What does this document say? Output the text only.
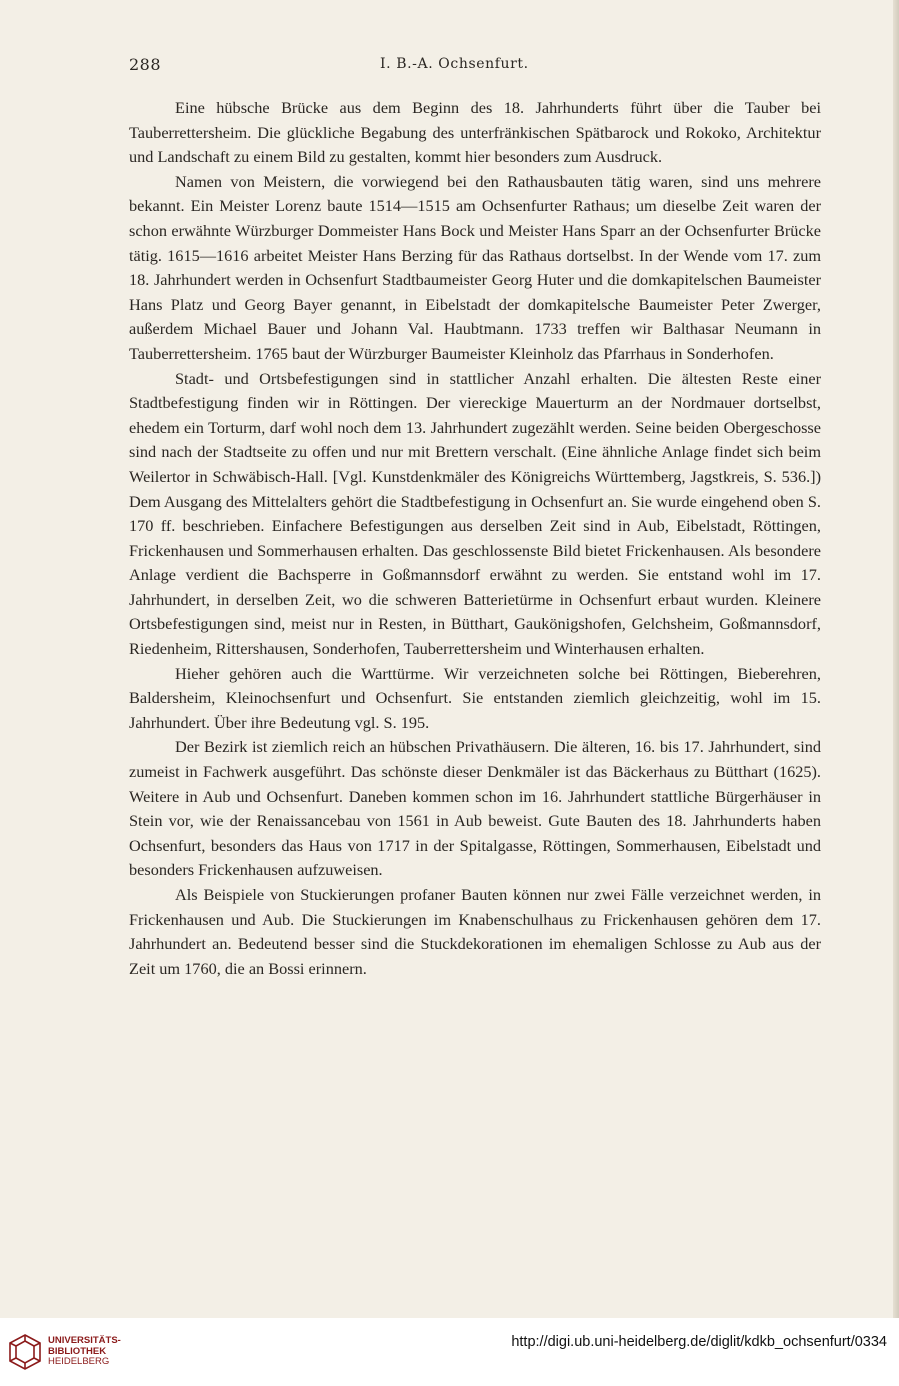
288	I. B.-A. Ochsenfurt.

Eine hübsche Brücke aus dem Beginn des 18. Jahrhunderts führt über die Tauber bei Tauberrettersheim. Die glückliche Begabung des unterfränkischen Spätbarock und Rokoko, Architektur und Landschaft zu einem Bild zu gestalten, kommt hier besonders zum Ausdruck.

Namen von Meistern, die vorwiegend bei den Rathausbauten tätig waren, sind uns mehrere bekannt. Ein Meister Lorenz baute 1514—1515 am Ochsenfurter Rathaus; um dieselbe Zeit waren der schon erwähnte Würzburger Dommeister Hans Bock und Meister Hans Sparr an der Ochsenfurter Brücke tätig. 1615—1616 arbeitet Meister Hans Berzing für das Rathaus dortselbst. In der Wende vom 17. zum 18. Jahrhundert werden in Ochsenfurt Stadtbaumeister Georg Huter und die domkapitelschen Baumeister Hans Platz und Georg Bayer genannt, in Eibelstadt der domkapitelsche Baumeister Peter Zwerger, außerdem Michael Bauer und Johann Val. Haubtmann. 1733 treffen wir Balthasar Neumann in Tauberrettersheim. 1765 baut der Würzburger Baumeister Kleinholz das Pfarrhaus in Sonderhofen.

Stadt- und Ortsbefestigungen sind in stattlicher Anzahl erhalten. Die ältesten Reste einer Stadtbefestigung finden wir in Röttingen. Der viereckige Mauerturm an der Nordmauer dortselbst, ehedem ein Torturm, darf wohl noch dem 13. Jahrhundert zugezählt werden. Seine beiden Obergeschosse sind nach der Stadtseite zu offen und nur mit Brettern verschalt. (Eine ähnliche Anlage findet sich beim Weilertor in Schwäbisch-Hall. [Vgl. Kunstdenkmäler des Königreichs Württemberg, Jagstkreis, S. 536.]) Dem Ausgang des Mittelalters gehört die Stadtbefestigung in Ochsenfurt an. Sie wurde eingehend oben S. 170 ff. beschrieben. Einfachere Befestigungen aus derselben Zeit sind in Aub, Eibelstadt, Röttingen, Frickenhausen und Sommerhausen erhalten. Das geschlossenste Bild bietet Frickenhausen. Als besondere Anlage verdient die Bachsperre in Goßmannsdorf erwähnt zu werden. Sie entstand wohl im 17. Jahrhundert, in derselben Zeit, wo die schweren Batterietürme in Ochsenfurt erbaut wurden. Kleinere Ortsbefestigungen sind, meist nur in Resten, in Bütthart, Gaukönigshofen, Gelchsheim, Goßmannsdorf, Riedenheim, Rittershausen, Sonderhofen, Tauberrettersheim und Winterhausen erhalten.

Hieher gehören auch die Warttürme. Wir verzeichneten solche bei Röttingen, Bieberehren, Baldersheim, Kleinochsenfurt und Ochsenfurt. Sie entstanden ziemlich gleichzeitig, wohl im 15. Jahrhundert. Über ihre Bedeutung vgl. S. 195.

Der Bezirk ist ziemlich reich an hübschen Privathäusern. Die älteren, 16. bis 17. Jahrhundert, sind zumeist in Fachwerk ausgeführt. Das schönste dieser Denkmäler ist das Bäckerhaus zu Bütthart (1625). Weitere in Aub und Ochsenfurt. Daneben kommen schon im 16. Jahrhundert stattliche Bürgerhäuser in Stein vor, wie der Renaissancebau von 1561 in Aub beweist. Gute Bauten des 18. Jahrhunderts haben Ochsenfurt, besonders das Haus von 1717 in der Spitalgasse, Röttingen, Sommerhausen, Eibelstadt und besonders Frickenhausen aufzuweisen.

Als Beispiele von Stuckierungen profaner Bauten können nur zwei Fälle verzeichnet werden, in Frickenhausen und Aub. Die Stuckierungen im Knabenschulhaus zu Frickenhausen gehören dem 17. Jahrhundert an. Bedeutend besser sind die Stuckdekorationen im ehemaligen Schlosse zu Aub aus der Zeit um 1760, die an Bossi erinnern.

UNIVERSITÄTS-
BIBLIOTHEK
HEIDELBERG
http://digi.ub.uni-heidelberg.de/diglit/kdkb_ochsenfurt/0334
